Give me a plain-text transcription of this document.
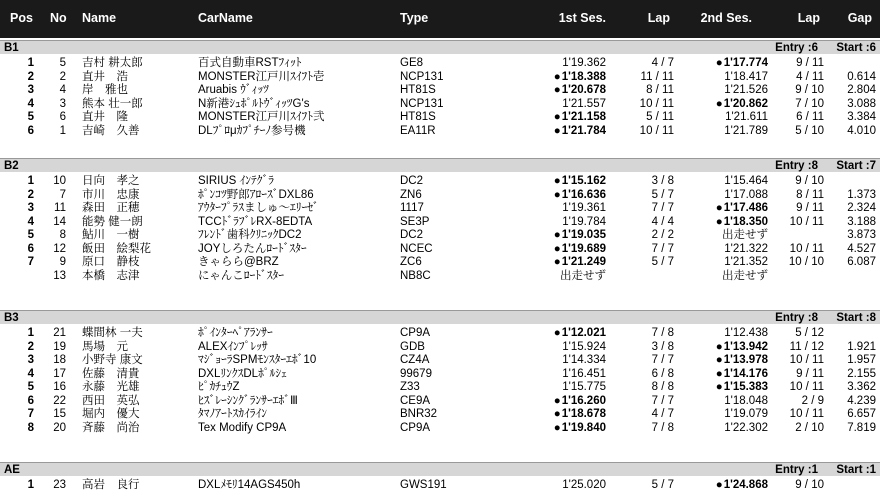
Pos No Name	CarName	Type	1st Ses.	Lap	2nd Ses.	Lap	Gap
B1	Entry :6	Start :6
1	5 吉村 耕太郎	百式自動車RSTﾌｨｯﾄ	GE8	1'19.362	4 / 7	● 1'17.774	9 / 11
2	2 直井　浩	MONSTER江戸川ｽｲﾌﾄ壱	NCP131	● 1'18.388	11 / 11	1'18.417	4 / 11	0.614
3	4 岸　雅也	Aruabis ｳﾞｨｯﾂ	HT81S	● 1'20.678	8 / 11	1'21.526	9 / 10	2.804
4	3 熊本 壮一郎	N新港ｼｭﾎﾟﾙﾄｳﾞｨｯﾂG's	NCP131	1'21.557	10 / 11	● 1'20.862	7 / 10	3.088
5	6 直井　隆	MONSTER江戸川ｽｲﾌﾄ弐	HT81S	● 1'21.158	5 / 11	1'21.611	6 / 11	3.384
6	1 吉崎　久善	DLﾌﾟﾛμｶﾌﾟﾁｰﾉ参号機	EA11R	● 1'21.784	10 / 11	1'21.789	5 / 10	4.010
B2	Entry :8	Start :7
1	10 日向　孝之	SIRIUS ｲﾝﾃｸﾞﾗ	DC2	● 1'15.162	3 / 8	1'15.464	9 / 10
2	7 市川　忠康	ﾎﾟﾝｺﾂ野郎ｱﾛｰｽﾞDXL86	ZN6	● 1'16.636	5 / 7	1'17.088	8 / 11	1.373
3	11 森田　正穂	ｱｳﾀｰﾌﾟﾗｽましゅ～ｴﾘｰｾﾞ	1117	1'19.361	7 / 7	● 1'17.486	9 / 11	2.324
4	14 能勢 健一朗	TCCﾄﾞﾗﾌﾞﾚRX-8EDTA	SE3P	1'19.784	4 / 4	● 1'18.350	10 / 11	3.188
5	8 鮎川　一樹	ﾌﾚﾝﾄﾞ歯科ｸﾘﾆｯｸDC2	DC2	● 1'19.035	2 / 2	出走せず	3.873
6	12 飯田　絵梨花	JOYしろたんﾛｰﾄﾞｽﾀｰ	NCEC	● 1'19.689	7 / 7	1'21.322	10 / 11	4.527
7	9 原口　静枝	きゃらら@BRZ	ZC6	● 1'21.249	5 / 7	1'21.352	10 / 10	6.087
13 本橋　志津	にゃんこﾛｰﾄﾞｽﾀｰ	NB8C	出走せず	出走せず
B3	Entry :8	Start :8
1	21 蝶間林 一夫	ﾎﾟｲﾝﾀｰﾍﾟｱﾗﾝｻｰ	CP9A	● 1'12.021	7 / 8	1'12.438	5 / 12
2	19 馬場　元	ALEXｲﾝﾌﾟﾚｯｻ	GDB	1'15.924	3 / 8	● 1'13.942	11 / 12	1.921
3	18 小野寺 康文	ﾏｼﾞｮｰﾗSPMﾓﾝｽﾀｰｴﾎﾞ10	CZ4A	1'14.334	7 / 7	● 1'13.978	10 / 11	1.957
4	17 佐藤　清貴	DXLﾘﾝｸｽDLﾎﾟﾙｼｪ	99679	1'16.451	6 / 8	● 1'14.176	9 / 11	2.155
5	16 永藤　光雄	ﾋﾟｶﾁｭｳZ	Z33	1'15.775	8 / 8	● 1'15.383	10 / 11	3.362
6	22 西田　英弘	ﾋｽﾞﾚｰｼﾝｸﾞﾗﾝｻｰｴﾎﾞⅢ	CE9A	● 1'16.260	7 / 7	1'18.048	2 / 9	4.239
7	15 堀内　優大	ﾀﾏﾉｱｰﾄｽｶｲﾗｲﾝ	BNR32	● 1'18.678	4 / 7	1'19.079	10 / 11	6.657
8	20 斉藤　尚治	Tex Modify CP9A	CP9A	● 1'19.840	7 / 8	1'22.302	2 / 10	7.819
AE	Entry :1	Start :1
1	23 高岩　良行	DXLﾒﾓﾘ14AGS450h	GWS191	1'25.020	5 / 7	● 1'24.868	9 / 10
